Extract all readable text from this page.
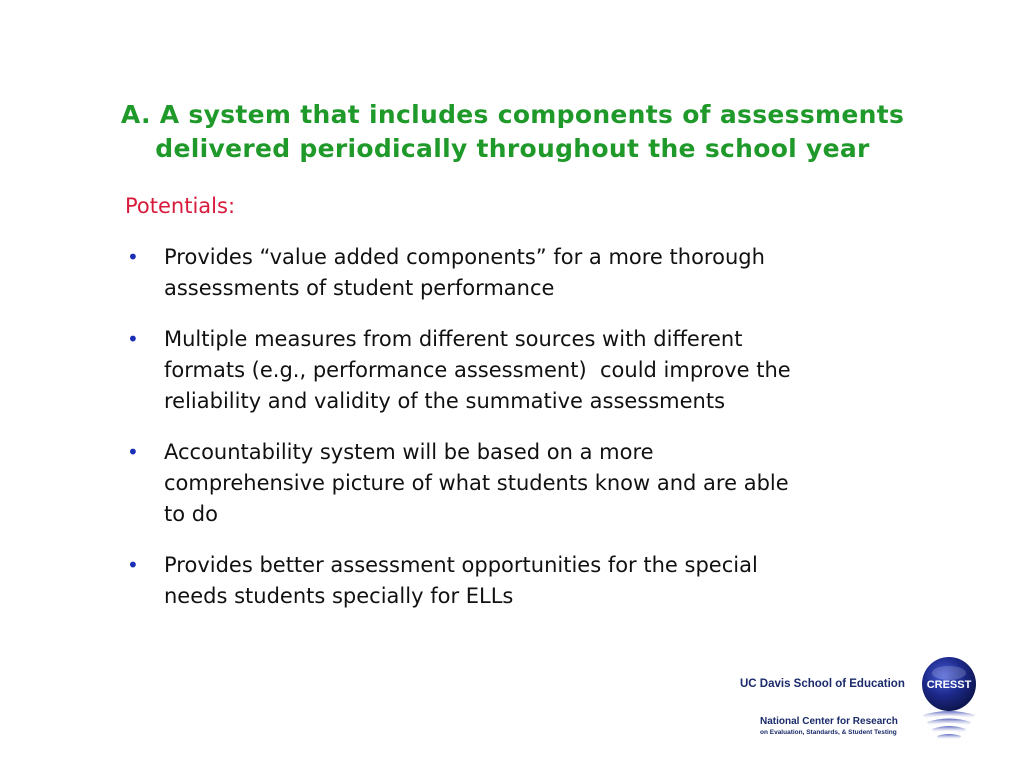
A. A system that includes components of assessments
delivered periodically throughout the school year

Potentials:

• Provides “value added components” for a more thorough
assessments of student performance
• Multiple measures from different sources with different
formats (e.g., performance assessment)  could improve the
reliability and validity of the summative assessments
• Accountability system will be based on a more
comprehensive picture of what students know and are able
to do
• Provides better assessment opportunities for the special
needs students specially for ELLs

UC Davis School of Education

National Center for Research
on Evaluation, Standards, & Student Testing
CRESST
